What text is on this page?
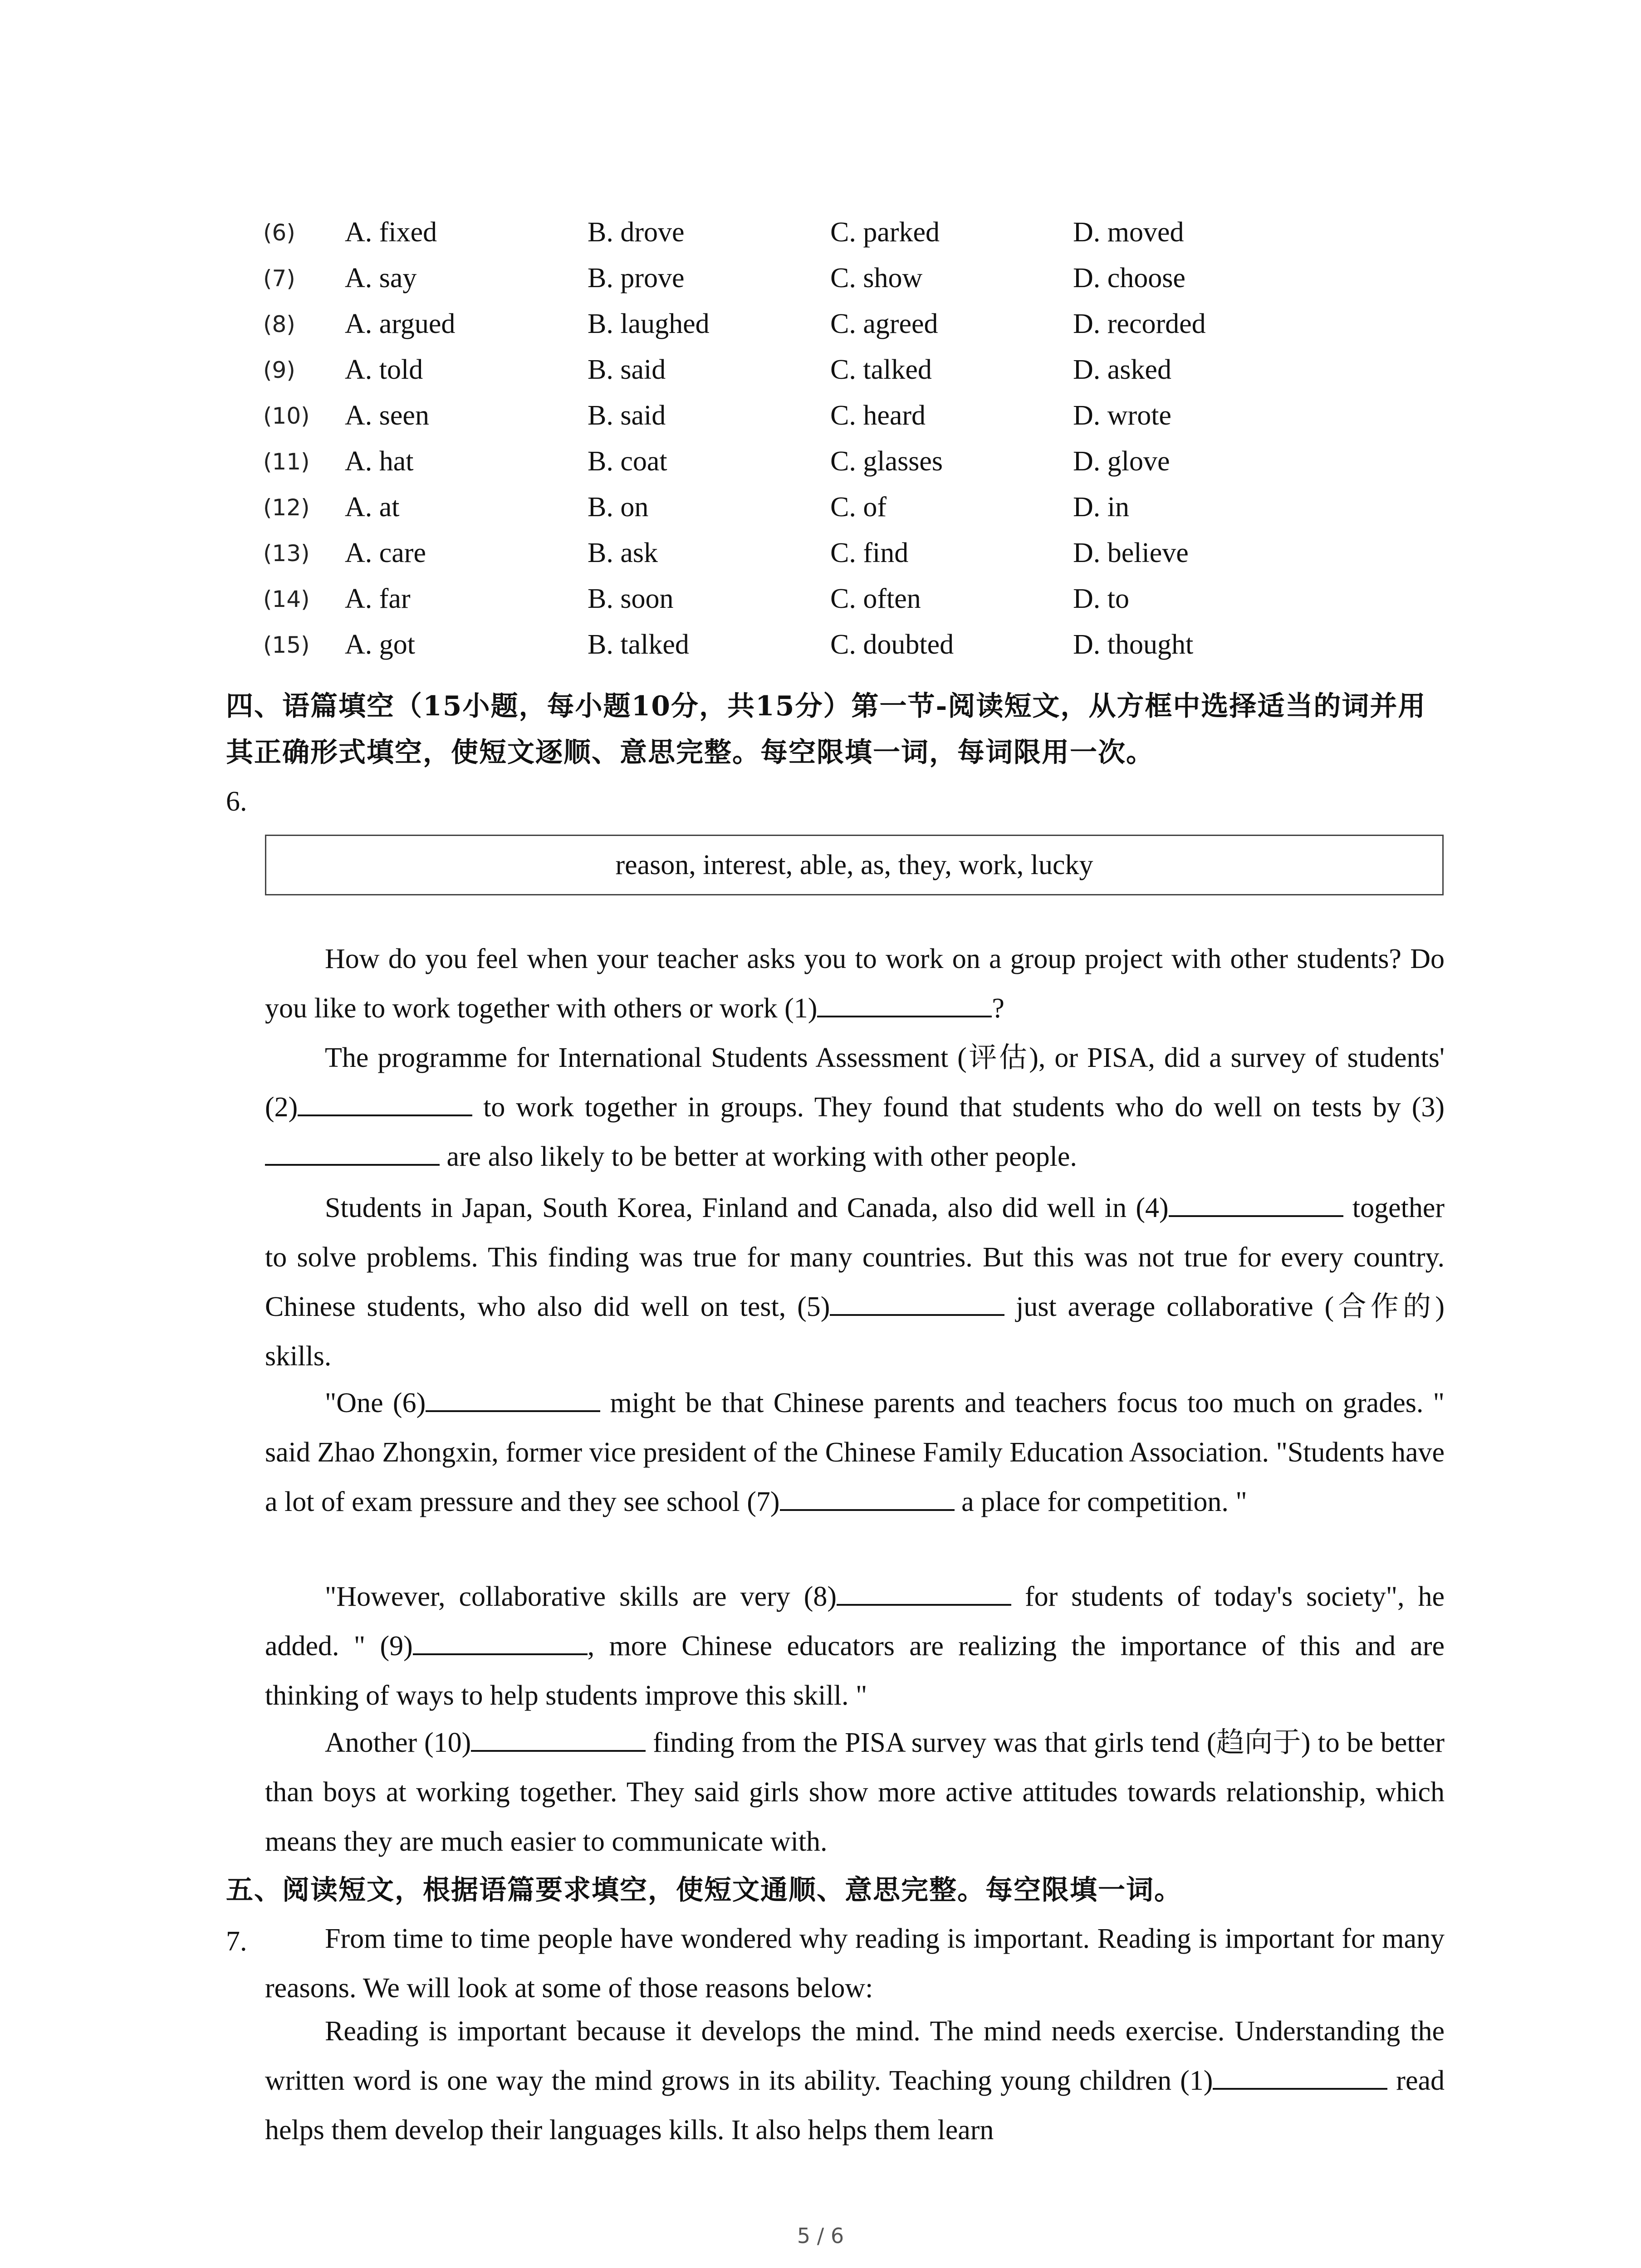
(6)	A. fixed	B. drove	C. parked	D. moved
(7)	A. say	B. prove	C. show	D. choose
(8)	A. argued	B. laughed	C. agreed	D. recorded
(9)	A. told	B. said	C. talked	D. asked
(10)	A. seen	B. said	C. heard	D. wrote
(11)	A. hat	B. coat	C. glasses	D. glove
(12)	A. at	B. on	C. of	D. in
(13)	A. care	B. ask	C. find	D. believe
(14)	A. far	B. soon	C. often	D. to
(15)	A. got	B. talked	C. doubted	D. thought
四、语篇填空（15小题，每小题10分，共15分）第一节-阅读短文，从方框中选择适当的词并用其正确形式填空，使短文逐顺、意思完整。每空限填一词，每词限用一次。
6.
reason, interest, able, as, they, work, lucky

How do you feel when your teacher asks you to work on a group project with other students? Do you like to work together with others or work (1)	?

The programme for International Students Assessment (评估), or PISA, did a survey of students' (2)	to work together in groups. They found that students who do well on tests by (3) are also likely to be better at working with other people.

Students in Japan, South Korea, Finland and Canada, also did well in (4)	together to solve problems. This finding was true for many countries. But this was not true for every country. Chinese students, who also did well on test, (5)	just average collaborative (合作的) skills.

"One (6)	might be that Chinese parents and teachers focus too much on grades. " said Zhao Zhongxin, former vice president of the Chinese Family Education Association. "Students have a lot of exam pressure and they see school (7)	a place for competition. "

"However, collaborative skills are very (8)	for students of today's society", he added. " (9)	, more Chinese educators are realizing the importance of this and are thinking of ways to help students improve this skill. "

Another (10)	finding from the PISA survey was that girls tend (趋向于) to be better than boys at working together. They said girls show more active attitudes towards relationship, which means they are much easier to communicate with.

五、阅读短文，根据语篇要求填空，使短文通顺、意思完整。每空限填一词。
7.	From time to time people have wondered why reading is important. Reading is important for many reasons. We will look at some of those reasons below:

Reading is important because it develops the mind. The mind needs exercise. Understanding the written word is one way the mind grows in its ability. Teaching young children (1)	read helps them develop their languages kills. It also helps them learn

5 / 6
